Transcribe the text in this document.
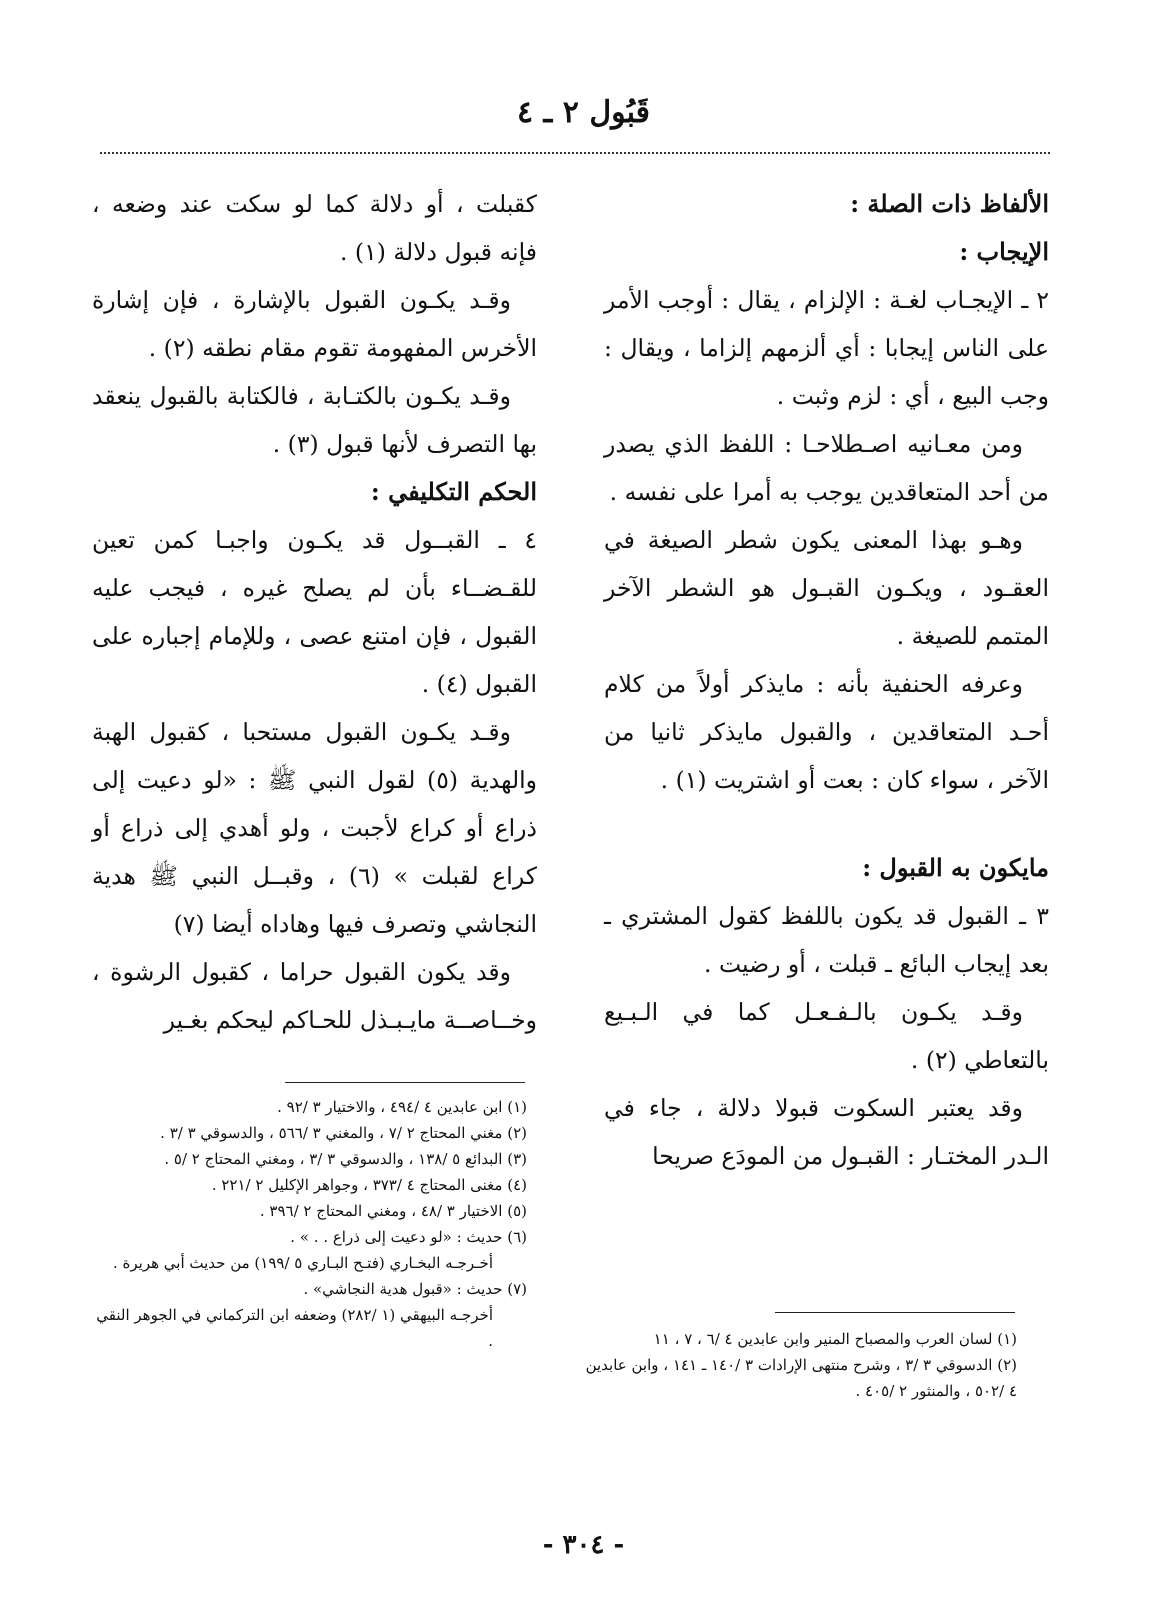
قَبُول ٢ ـ ٤
الألفاظ ذات الصلة :
الإيجاب :

٢ ـ الإيجـاب لغـة : الإلزام ، يقال : أوجب الأمر على الناس إيجابا : أي ألزمهم إلزاما ، ويقال : وجب البيع ، أي : لزم وثبت .

ومن معـانيه اصـطلاحـا : اللفظ الذي يصدر من أحد المتعاقدين يوجب به أمرا على نفسه .

وهـو بهذا المعنى يكون شطر الصيغة في العقـود ، ويكـون القبـول هو الشطر الآخر المتمم للصيغة .

وعرفه الحنفية بأنه : مايذكر أولاً من كلام أحـد المتعاقدين ، والقبول مايذكر ثانيا من الآخر ، سواء كان : بعت أو اشتريت (١) .

مايكون به القبول :

٣ ـ القبول قد يكون باللفظ كقول المشتري ـ بعد إيجاب البائع ـ قبلت ، أو رضيت .

وقـد يكـون بالـفـعـل كما في الـبـيع بالتعاطي (٢) .

وقد يعتبر السكوت قبولا دلالة ، جاء في الـدر المختـار : القبـول من المودَع صريحا

كقبلت ، أو دلالة كما لو سكت عند وضعه ، فإنه قبول دلالة (١) .

وقـد يكـون القبول بالإشارة ، فإن إشارة الأخرس المفهومة تقوم مقام نطقه (٢) .

وقـد يكـون بالكتـابة ، فالكتابة بالقبول ينعقد بها التصرف لأنها قبول (٣) .

الحكم التكليفي :

٤ ـ القبــول قد يكـون واجبـا كمن تعين للقـضــاء بأن لم يصلح غيره ، فيجب عليه القبول ، فإن امتنع عصى ، وللإمام إجباره على القبول (٤) .

وقـد يكـون القبول مستحبا ، كقبول الهبة والهدية (٥) لقول النبي ﷺ : «لو دعيت إلى ذراع أو كراع لأجبت ، ولو أهدي إلى ذراع أو كراع لقبلت » (٦) ، وقبــل النبي ﷺ هدية النجاشي وتصرف فيها وهاداه أيضا (٧)

وقد يكون القبول حراما ، كقبول الرشوة ، وخــاصــة مايـبـذل للحـاكم ليحكم بغـير

(١) ابن عابدين ٤ /٤٩٤ ، والاختيار ٣ /٩٢ .

(٢) مغني المحتاج ٢ /٧ ، والمغني ٣ /٥٦٦ ، والدسوقي ٣ /٣ .

(٣) البدائع ٥ /١٣٨ ، والدسوقي ٣ /٣ ، ومغني المحتاج ٢ /٥ .

(٤) مغنى المحتاج ٤ /٣٧٣ ، وجواهر الإكليل ٢ /٢٢١ .

(٥) الاختيار ٣ /٤٨ ، ومغني المحتاج ٢ /٣٩٦ .

(٦) حديث : «لو دعيت إلى ذراع . . » .

أخـرجـه البخـاري (فتـح البـاري ٥ /١٩٩) من حديث أبي هريرة .

(٧) حديث : «قبول هدية النجاشي» .

أخرجـه البيهقي (١ /٢٨٢) وضعفه ابن التركماني في الجوهر النقي .	(١) لسان العرب والمصباح المنير وابن عابدين ٤ /٦ ، ٧ ، ١١

(٢) الدسوقي ٣ /٣ ، وشرح منتهى الإرادات ٣ /١٤٠ ـ ١٤١ ، وابن عابدين ٤ /٥٠٢ ، والمنثور ٢ /٤٠٥ .

- ٣٠٤ -
